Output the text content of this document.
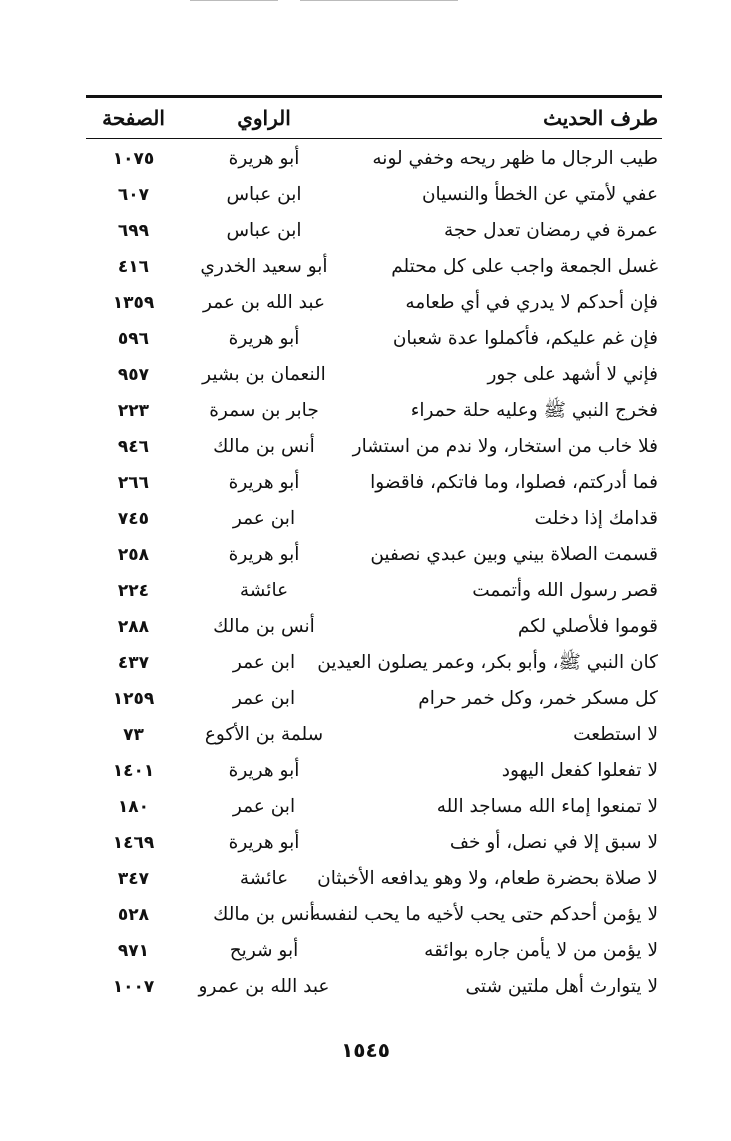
طرف الحديث
الراوي
الصفحة
طيب الرجال ما ظهر ريحه وخفي لونه
أبو هريرة
١٠٧٥
عفي لأمتي عن الخطأ والنسيان
ابن عباس
٦٠٧
عمرة في رمضان تعدل حجة
ابن عباس
٦٩٩
غسل الجمعة واجب على كل محتلم
أبو سعيد الخدري
٤١٦
فإن أحدكم لا يدري في أي طعامه
عبد الله بن عمر
١٣٥٩
فإن غم عليكم، فأكملوا عدة شعبان
أبو هريرة
٥٩٦
فإني لا أشهد على جور
النعمان بن بشير
٩٥٧
فخرج النبي ﷺ وعليه حلة حمراء
جابر بن سمرة
٢٢٣
فلا خاب من استخار، ولا ندم من استشار
أنس بن مالك
٩٤٦
فما أدركتم، فصلوا، وما فاتكم، فاقضوا
أبو هريرة
٢٦٦
قدامك إذا دخلت
ابن عمر
٧٤٥
قسمت الصلاة بيني وبين عبدي نصفين
أبو هريرة
٢٥٨
قصر رسول الله وأتممت
عائشة
٢٢٤
قوموا فلأصلي لكم
أنس بن مالك
٢٨٨
كان النبي ﷺ، وأبو بكر، وعمر يصلون العيدين
ابن عمر
٤٣٧
كل مسكر خمر، وكل خمر حرام
ابن عمر
١٢٥٩
لا استطعت
سلمة بن الأكوع
٧٣
لا تفعلوا كفعل اليهود
أبو هريرة
١٤٠١
لا تمنعوا إماء الله مساجد الله
ابن عمر
١٨٠
لا سبق إلا في نصل، أو خف
أبو هريرة
١٤٦٩
لا صلاة بحضرة طعام، ولا وهو يدافعه الأخبثان
عائشة
٣٤٧
لا يؤمن أحدكم حتى يحب لأخيه ما يحب لنفسه
أنس بن مالك
٥٢٨
لا يؤمن من لا يأمن جاره بوائقه
أبو شريح
٩٧١
لا يتوارث أهل ملتين شتى
عبد الله بن عمرو
١٠٠٧
١٥٤٥
